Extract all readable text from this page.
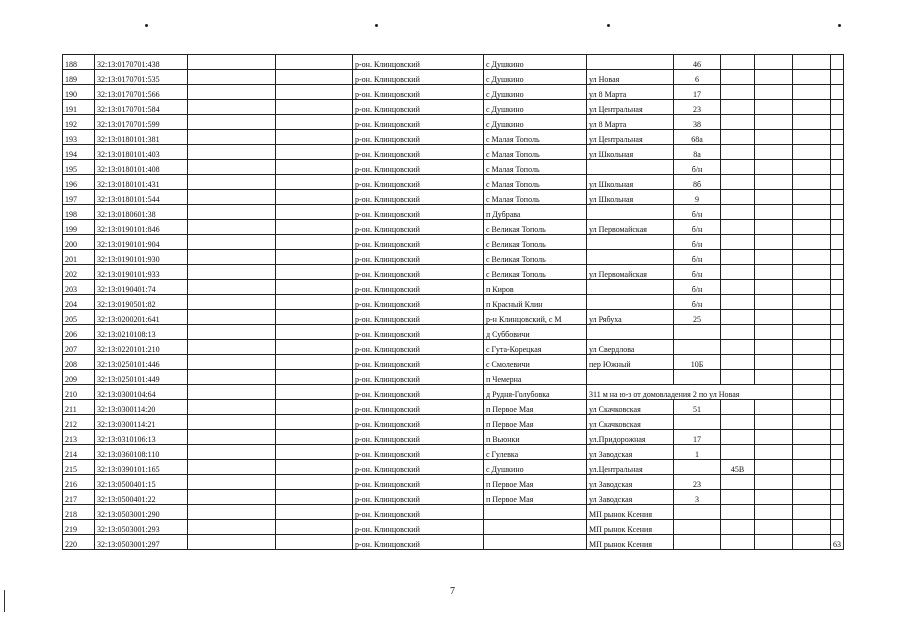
188	32:13:0170701:438			р-он. Клинцовский	с Душкино		46				
189	32:13:0170701:535			р-он. Клинцовский	с Душкино	ул Новая	6				
190	32:13:0170701:566			р-он. Клинцовский	с Душкино	ул 8 Марта	17				
191	32:13:0170701:584			р-он. Клинцовский	с Душкино	ул Центральная	23				
192	32:13:0170701:599			р-он. Клинцовский	с Душкино	ул 8 Марта	38				
193	32:13:0180101:381			р-он. Клинцовский	с Малая Тополь	ул Центральная	68а				
194	32:13:0180101:403			р-он. Клинцовский	с Малая Тополь	ул Школьная	8а				
195	32:13:0180101:408			р-он. Клинцовский	с Малая Тополь		б/н				
196	32:13:0180101:431			р-он. Клинцовский	с Малая Тополь	ул Школьная	8б				
197	32:13:0180101:544			р-он. Клинцовский	с Малая Тополь	ул Школьная	9				
198	32:13:0180601:38			р-он. Клинцовский	п Дубрава		б/н				
199	32:13:0190101:846			р-он. Клинцовский	с Великая Тополь	ул Первомайская	б/н				
200	32:13:0190101:904			р-он. Клинцовский	с Великая Тополь		б/н				
201	32:13:0190101:930			р-он. Клинцовский	с Великая Тополь		б/н				
202	32:13:0190101:933			р-он. Клинцовский	с Великая Тополь	ул Первомайская	б/н				
203	32:13:0190401:74			р-он. Клинцовский	п Киров		б/н				
204	32:13:0190501:82			р-он. Клинцовский	п Красный Клин		б/н				
205	32:13:0200201:641			р-он. Клинцовский	р-н Клинцовский, с М	ул Рябуха	25				
206	32:13:0210108:13			р-он. Клинцовский	д Суббовичи						
207	32:13:0220101:210			р-он. Клинцовский	с Гута-Корецкая	ул Свердлова					
208	32:13:0250101:446			р-он. Клинцовский	с Смолевичи	пер Южный	10Б				
209	32:13:0250101:449			р-он. Клинцовский	п Чемерна						
210	32:13:0300104:64			р-он. Клинцовский	д Рудня-Голубовка	311 м на ю-з от домовладения 2 по ул Новая					
211	32:13:0300114:20			р-он. Клинцовский	п Первое Мая	ул Скачковская	51				
212	32:13:0300114:21			р-он. Клинцовский	п Первое Мая	ул Скачковская					
213	32:13:0310106:13			р-он. Клинцовский	п Вьюнки	ул.Придорожная	17				
214	32:13:0360108:110			р-он. Клинцовский	с Гулевка	ул Заводская	1				
215	32:13:0390101:165			р-он. Клинцовский	с Душкино	ул.Центральная		45В			
216	32:13:0500401:15			р-он. Клинцовский	п Первое Мая	ул Заводская	23				
217	32:13:0500401:22			р-он. Клинцовский	п Первое Мая	ул Заводская	3				
218	32:13:0503001:290			р-он. Клинцовский		МП рынок Ксения					
219	32:13:0503001:293			р-он. Клинцовский		МП рынок Ксения					
220	32:13:0503001:297			р-он. Клинцовский		МП рынок Ксения					63
7
